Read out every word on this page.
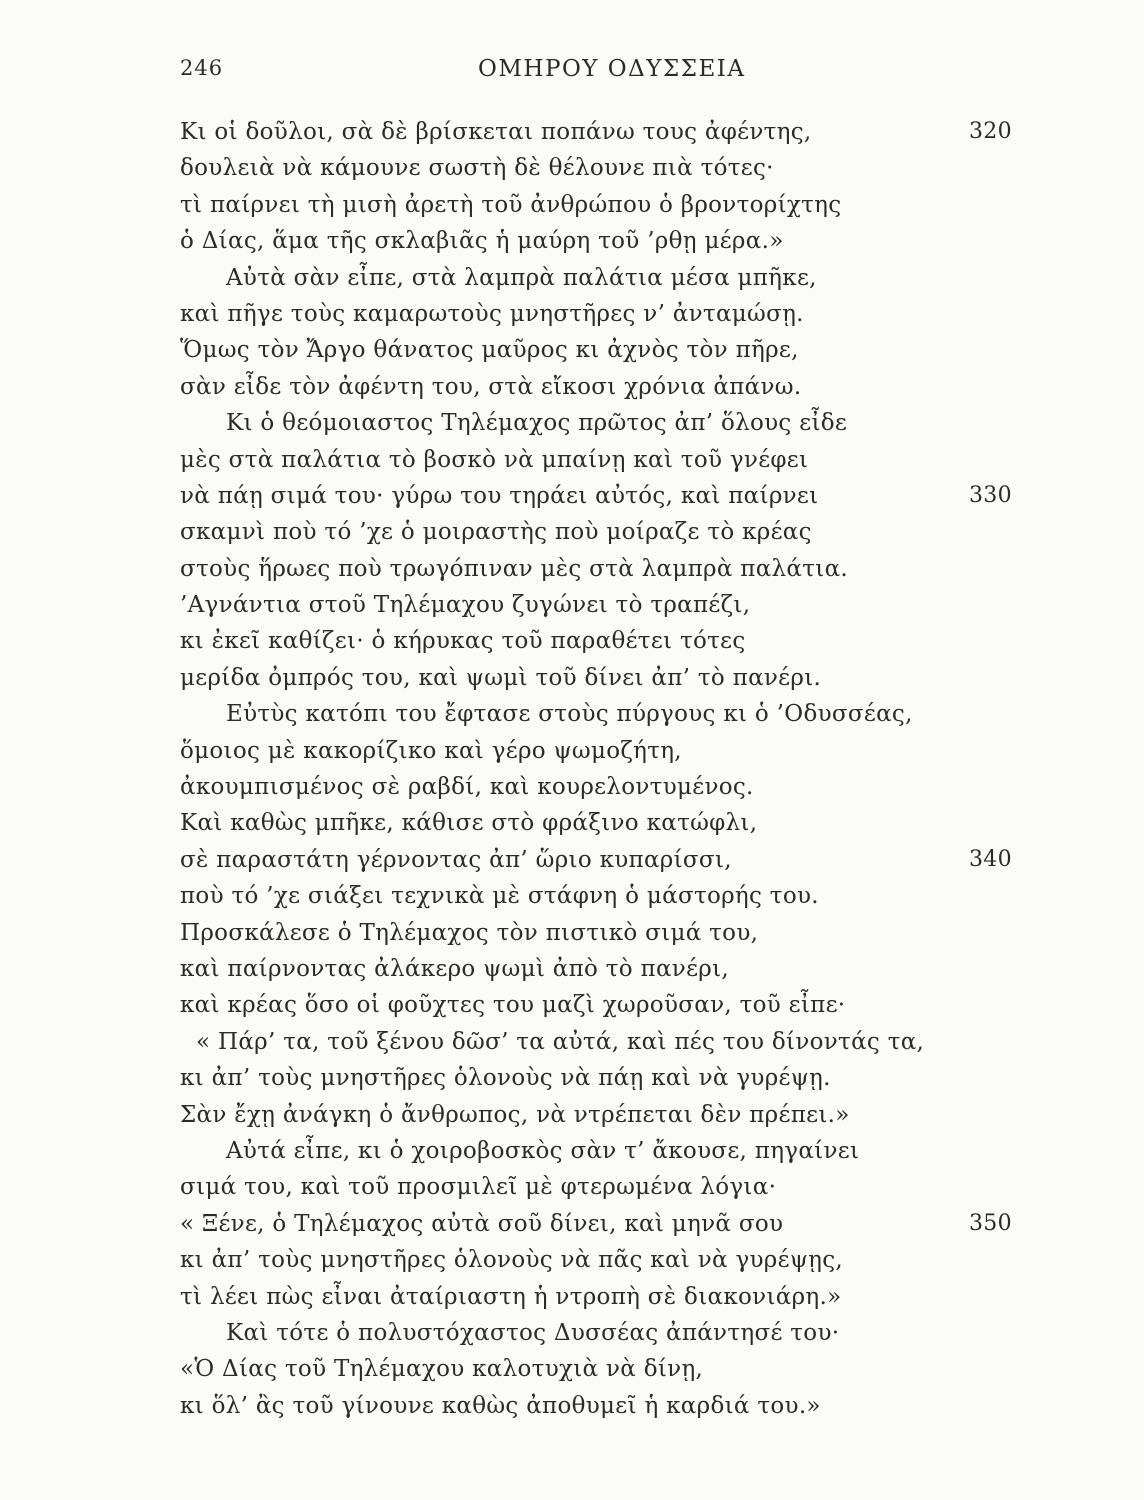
246	ΟΜΗΡΟΥ ΟΔΥΣΣΕΙΑ
Κι οἱ δοῦλοι, σὰ δὲ βρίσκεται ποπάνω τους ἀφέντης,	320
δουλειὰ νὰ κάμουνε σωστὴ δὲ θέλουνε πιὰ τότες·
τὶ παίρνει τὴ μισὴ ἀρετὴ τοῦ ἀνθρώπου ὁ βροντορίχτης
ὁ Δίας, ἅμα τῆς σκλαβιᾶς ἡ μαύρη τοῦ ’ρθῃ μέρα.»
Αὐτὰ σὰν εἶπε, στὰ λαμπρὰ παλάτια μέσα μπῆκε,
καὶ πῆγε τοὺς καμαρωτοὺς μνηστῆρες ν’ ἀνταμώσῃ.
Ὅμως τὸν Ἄργο θάνατος μαῦρος κι ἀχνὸς τὸν πῆρε,
σὰν εἶδε τὸν ἀφέντη του, στὰ εἴκοσι χρόνια ἀπάνω.
Κι ὁ θεόμοιαστος Τηλέμαχος πρῶτος ἀπ’ ὅλους εἶδε
μὲς στὰ παλάτια τὸ βοσκὸ νὰ μπαίνῃ καὶ τοῦ γνέφει
νὰ πάῃ σιμά του· γύρω του τηράει αὐτός, καὶ παίρνει	330
σκαμνὶ ποὺ τό ’χε ὁ μοιραστὴς ποὺ μοίραζε τὸ κρέας
στοὺς ἥρωες ποὺ τρωγόπιναν μὲς στὰ λαμπρὰ παλάτια.
’Αγνάντια στοῦ Τηλέμαχου ζυγώνει τὸ τραπέζι,
κι ἐκεῖ καθίζει· ὁ κήρυκας τοῦ παραθέτει τότες
μερίδα ὀμπρός του, καὶ ψωμὶ τοῦ δίνει ἀπ’ τὸ πανέρι.
Εὐτὺς κατόπι του ἔφτασε στοὺς πύργους κι ὁ ’Οδυσσέας,
ὅμοιος μὲ κακορίζικο καὶ γέρο ψωμοζήτη,
ἀκουμπισμένος σὲ ραβδί, καὶ κουρελοντυμένος.
Καὶ καθὼς μπῆκε, κάθισε στὸ φράξινο κατώφλι,
σὲ παραστάτη γέρνοντας ἀπ’ ὥριο κυπαρίσσι,	340
ποὺ τό ’χε σιάξει τεχνικὰ μὲ στάφνη ὁ μάστορής του.
Προσκάλεσε ὁ Τηλέμαχος τὸν πιστικὸ σιμά του,
καὶ παίρνοντας ἀλάκερο ψωμὶ ἀπὸ τὸ πανέρι,
καὶ κρέας ὅσο οἱ φοῦχτες του μαζὶ χωροῦσαν, τοῦ εἶπε·
« Πάρ’ τα, τοῦ ξένου δῶσ’ τα αὐτά, καὶ πές του δίνοντάς τα,
κι ἀπ’ τοὺς μνηστῆρες ὁλονοὺς νὰ πάῃ καὶ νὰ γυρέψῃ.
Σὰν ἔχῃ ἀνάγκη ὁ ἄνθρωπος, νὰ ντρέπεται δὲν πρέπει.»
Αὐτά εἶπε, κι ὁ χοιροβοσκὸς σὰν τ’ ἄκουσε, πηγαίνει
σιμά του, καὶ τοῦ προσμιλεῖ μὲ φτερωμένα λόγια·
« Ξένε, ὁ Τηλέμαχος αὐτὰ σοῦ δίνει, καὶ μηνᾶ σου	350
κι ἀπ’ τοὺς μνηστῆρες ὁλονοὺς νὰ πᾶς καὶ νὰ γυρέψῃς,
τὶ λέει πὼς εἶναι ἀταίριαστη ἡ ντροπὴ σὲ διακονιάρη.»
Καὶ τότε ὁ πολυστόχαστος Δυσσέας ἀπάντησέ του·
«Ὁ Δίας τοῦ Τηλέμαχου καλοτυχιὰ νὰ δίνῃ,
κι ὅλ’ ἂς τοῦ γίνουνε καθὼς ἀποθυμεῖ ἡ καρδιά του.»
